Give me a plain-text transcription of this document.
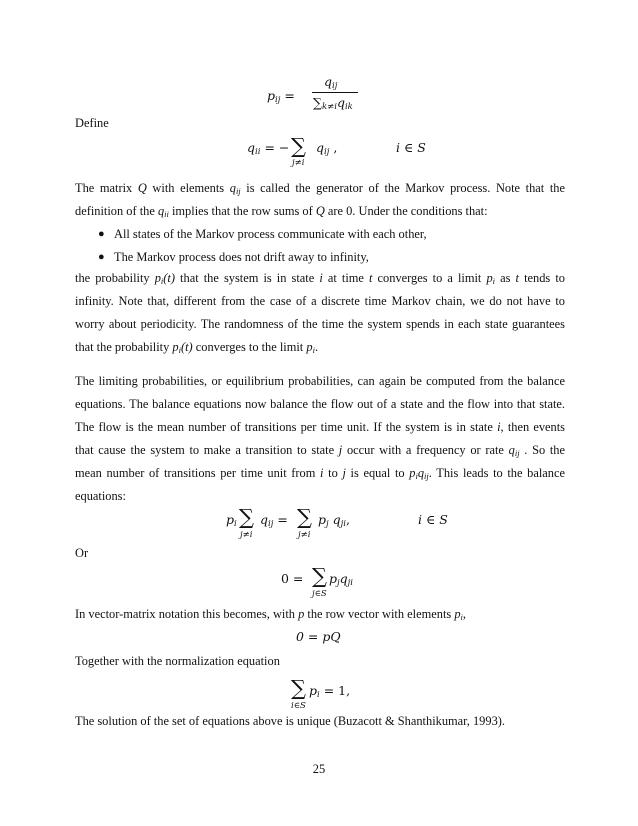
$p_{ij}$ =
$q_{ij}$
$\sum_{k\ne i}q_{ik}$
Define
$q_{ii}$ = − ∑
j≠i
$q_{ij}$ ,	i ∈ S
The matrix Q with elements $q_{ij}$ is called the generator of the Markov process. Note that the
definition of the $q_{ii}$ implies that the row sums of Q are 0. Under the conditions that:
● All states of the Markov process communicate with each other,
● The Markov process does not drift away to infinity,
the probability $p_i(t)$ that the system is in state i at time t converges to a limit $p_i$ as t tends to
infinity. Note that, different from the case of a discrete time Markov chain, we do not have to
worry about periodicity. The randomness of the time the system spends in each state guarantees
that the probability $p_i(t)$ converges to the limit $p_i$.
The limiting probabilities, or equilibrium probabilities, can again be computed from the balance
equations. The balance equations now balance the flow out of a state and the flow into that state.
The flow is the mean number of transitions per time unit. If the system is in state i, then events
that cause the system to make a transition to state j occur with a frequency or rate $q_{ij}$ . So the
mean number of transitions per time unit from i to j is equal to $p_iq_{ij}$. This leads to the balance
equations:
$p_i$ ∑
j≠i
$q_{ij}$ = ∑
j≠i
$p_j$ $q_{ji}$,	i ∈ S
Or
0 = ∑
j∈S
$p_jq_{ji}$
In vector-matrix notation this becomes, with p the row vector with elements $p_i$,
0 = pQ
Together with the normalization equation
∑
i∈S
$p_i = 1$,
The solution of the set of equations above is unique (Buzacott & Shanthikumar, 1993).
25
